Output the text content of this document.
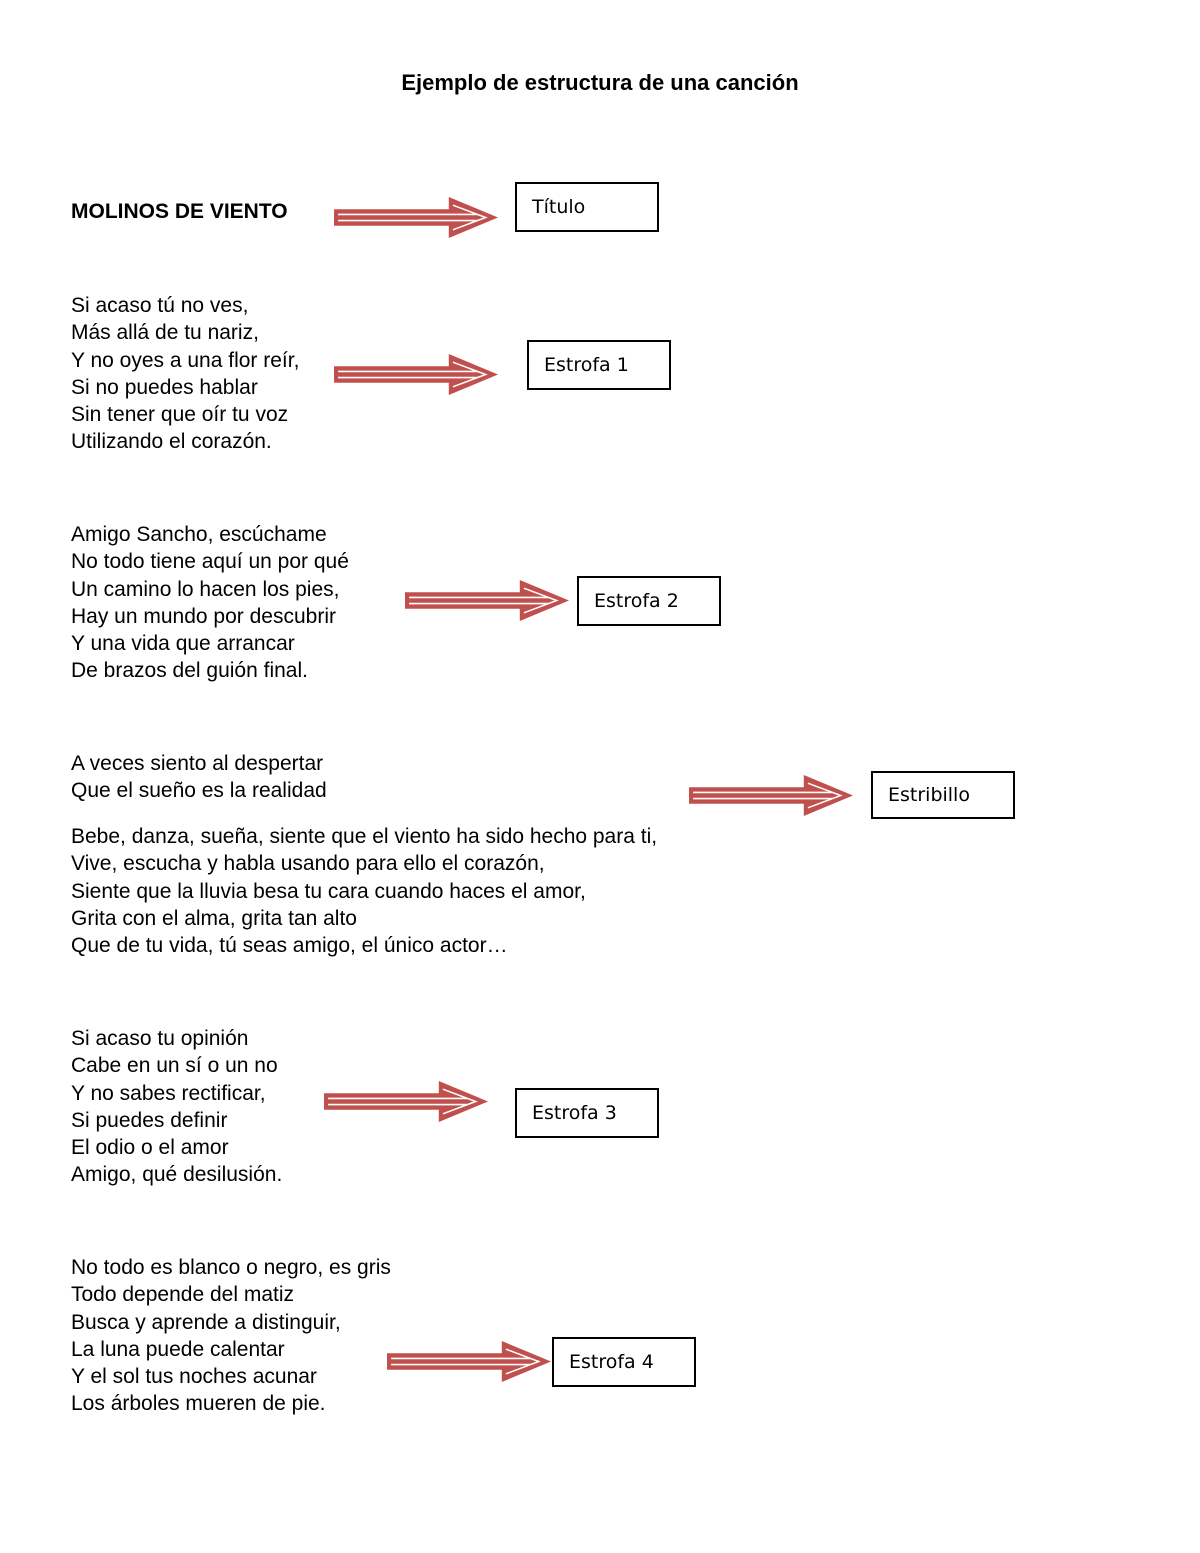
Ejemplo de estructura de una canción
MOLINOS DE VIENTO	Título
Si acaso tú no ves,
Más allá de tu nariz,
Y no oyes a una flor reír,
Si no puedes hablar
Sin tener que oír tu voz
Utilizando el corazón.
Estrofa 1
Amigo Sancho, escúchame
No todo tiene aquí un por qué
Un camino lo hacen los pies,
Hay un mundo por descubrir
Y una vida que arrancar
De brazos del guión final.
Estrofa 2
A veces siento al despertar
Que el sueño es la realidad	Estribillo
Bebe, danza, sueña, siente que el viento ha sido hecho para ti,
Vive, escucha y habla usando para ello el corazón,
Siente que la lluvia besa tu cara cuando haces el amor,
Grita con el alma, grita tan alto
Que de tu vida, tú seas amigo, el único actor…
Si acaso tu opinión
Cabe en un sí o un no
Y no sabes rectificar,
Si puedes definir
El odio o el amor
Amigo, qué desilusión.
Estrofa 3
No todo es blanco o negro, es gris
Todo depende del matiz
Busca y aprende a distinguir,
La luna puede calentar
Y el sol tus noches acunar
Los árboles mueren de pie.
Estrofa 4
